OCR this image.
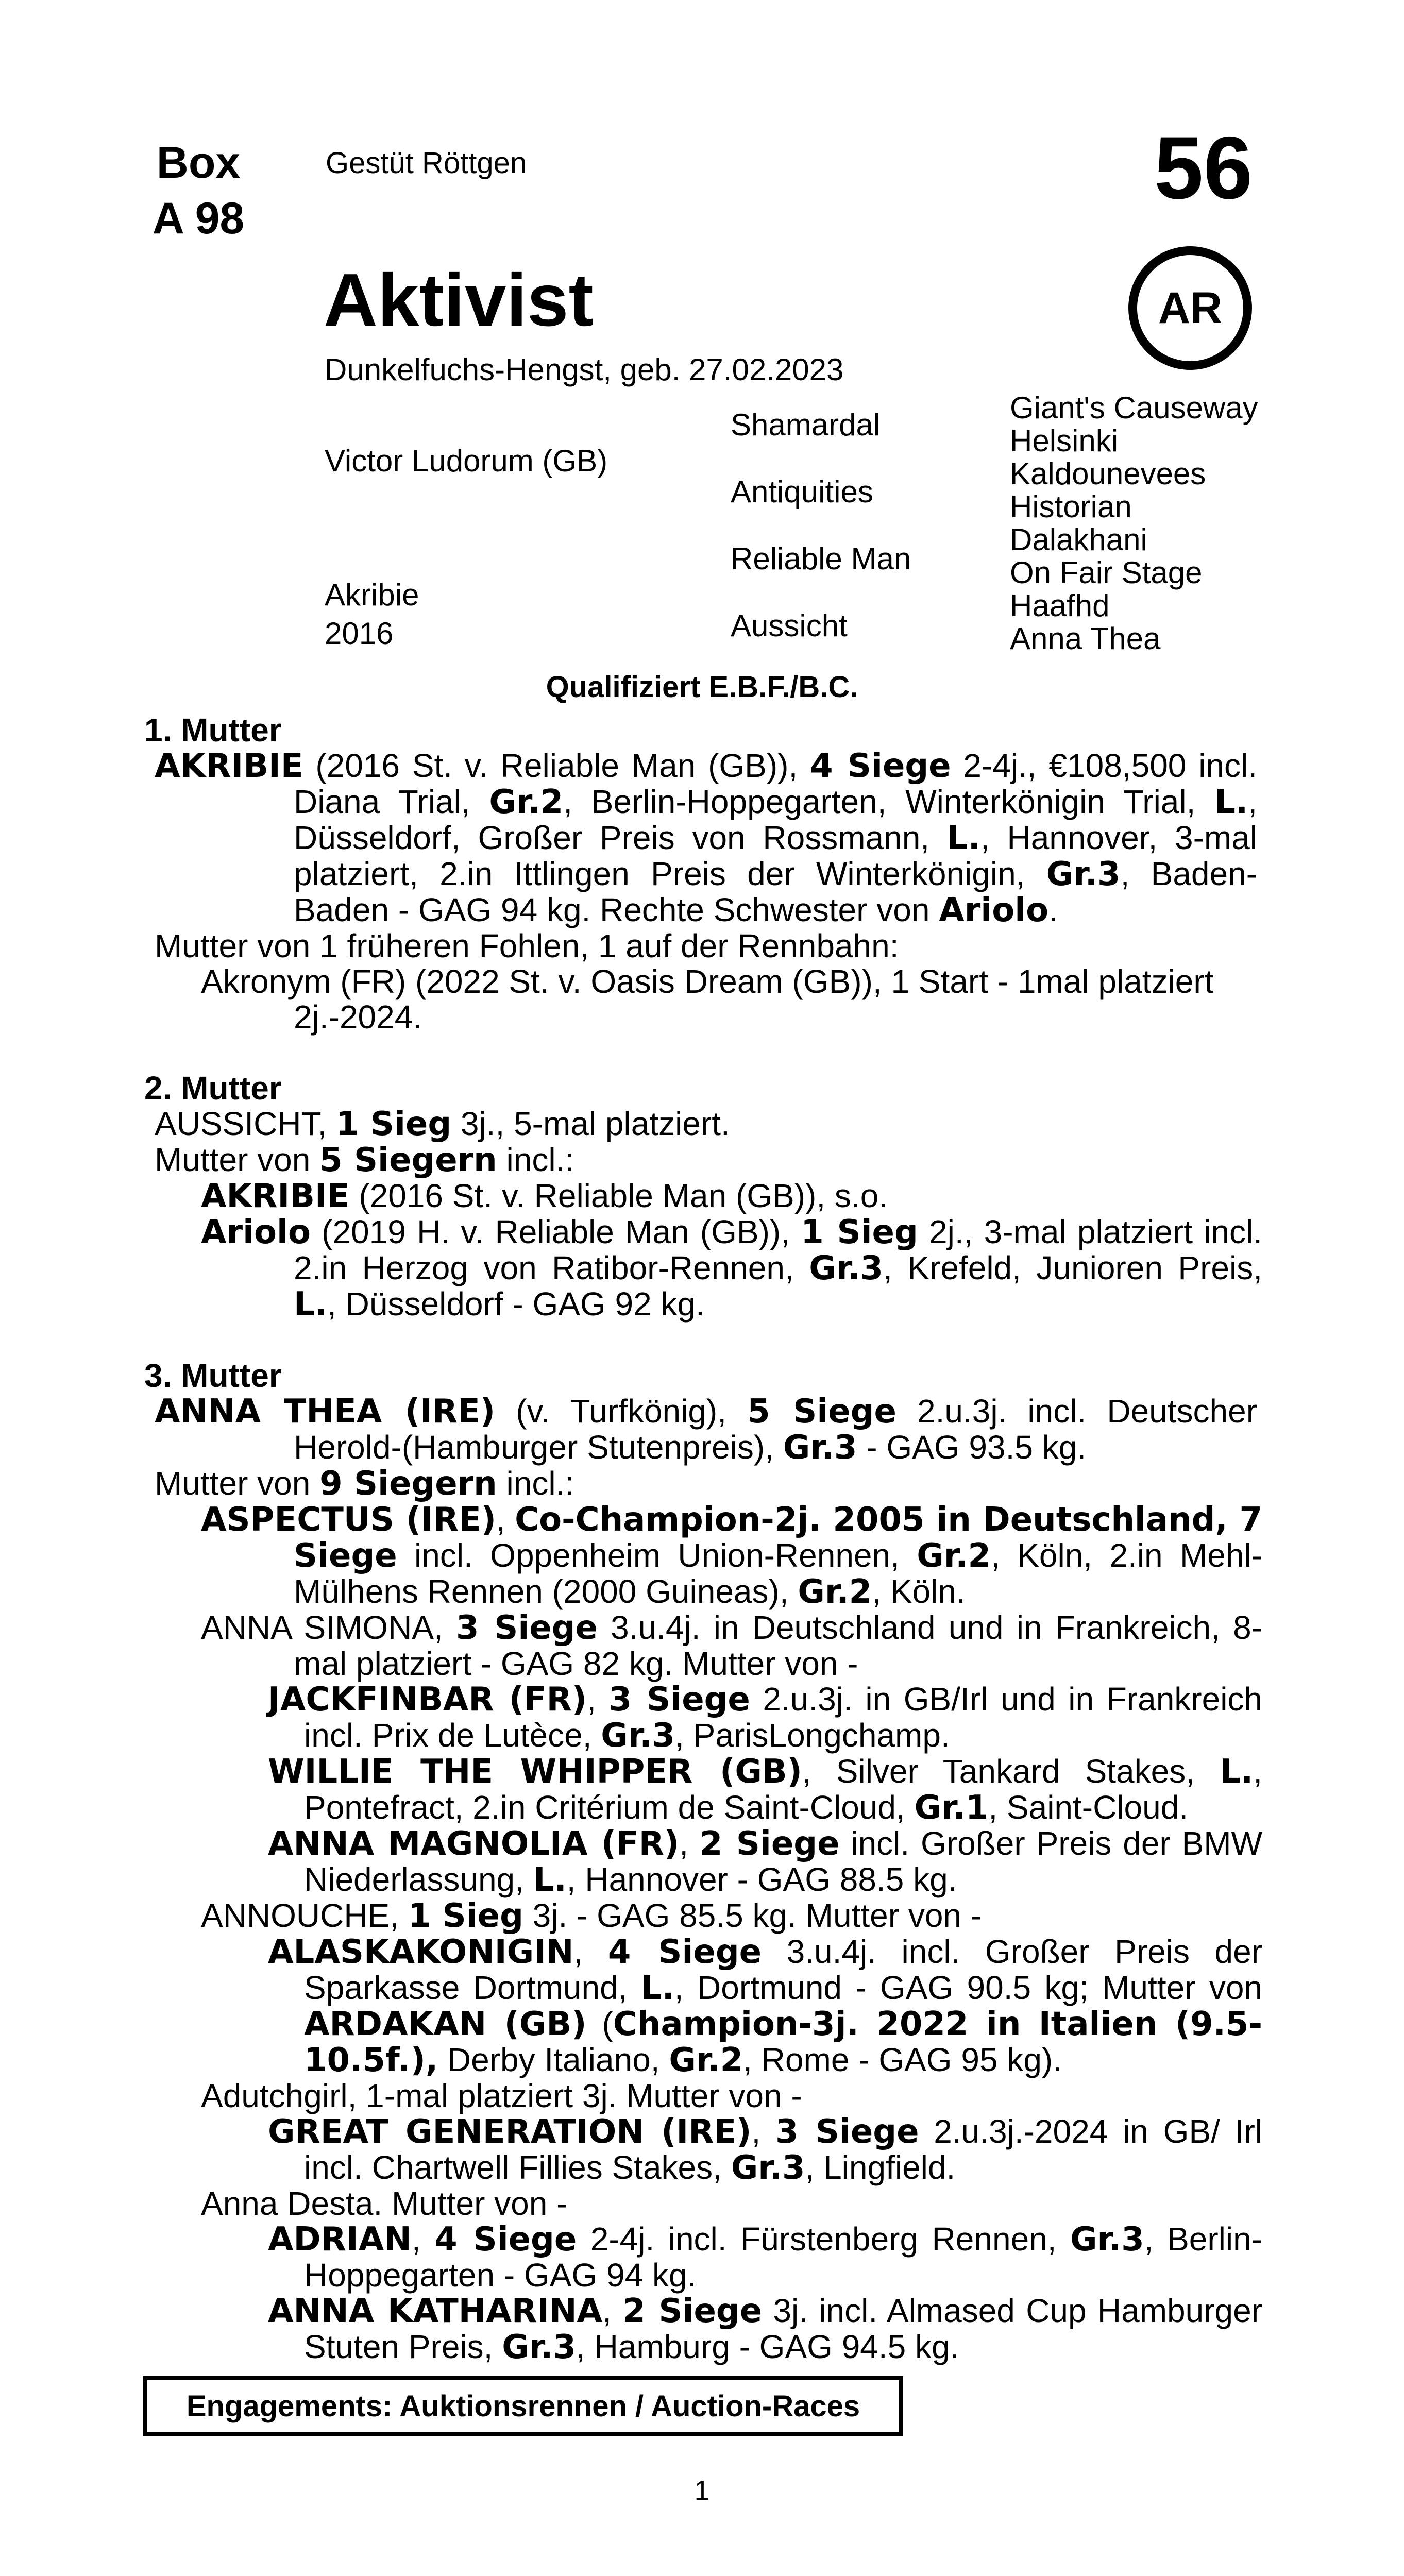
Box
A 98
Gestüt Röttgen	56
AR
Aktivist
Dunkelfuchs-Hengst, geb. 27.02.2023
Victor Ludorum (GB)
Akribie
2016
Shamardal
Antiquities
Reliable Man
Aussicht
Giant's Causeway
Helsinki
Kaldounevees
Historian
Dalakhani
On Fair Stage
Haafhd
Anna Thea
Qualifiziert E.B.F./B.C.

1. Mutter

AKRIBIE (2016 St. v. Reliable Man (GB)), 4 Siege 2-4j., €108,500 incl. Diana Trial, Gr.2, Berlin-Hoppegarten, Winterkönigin Trial, L., Düsseldorf, Großer Preis von Rossmann, L., Hannover, 3-mal platziert, 2.in Ittlingen Preis der Winterkönigin, Gr.3, Baden-Baden - GAG 94 kg. Rechte Schwester von Ariolo.

Mutter von 1 früheren Fohlen, 1 auf der Rennbahn:

Akronym (FR) (2022 St. v. Oasis Dream (GB)), 1 Start - 1mal platziert 2j.-2024.

2. Mutter

AUSSICHT, 1 Sieg 3j., 5-mal platziert.

Mutter von 5 Siegern incl.:

AKRIBIE (2016 St. v. Reliable Man (GB)), s.o.

Ariolo (2019 H. v. Reliable Man (GB)), 1 Sieg 2j., 3-mal platziert incl. 2.in Herzog von Ratibor-Rennen, Gr.3, Krefeld, Junioren Preis, L., Düsseldorf - GAG 92 kg.

3. Mutter

ANNA THEA (IRE) (v. Turfkönig), 5 Siege 2.u.3j. incl. Deutscher Herold-(Hamburger Stutenpreis), Gr.3 - GAG 93.5 kg.

Mutter von 9 Siegern incl.:

ASPECTUS (IRE), Co-Champion-2j. 2005 in Deutschland, 7 Siege incl. Oppenheim Union-Rennen, Gr.2, Köln, 2.in Mehl-Mülhens Rennen (2000 Guineas), Gr.2, Köln.

ANNA SIMONA, 3 Siege 3.u.4j. in Deutschland und in Frankreich, 8-mal platziert - GAG 82 kg. Mutter von -

JACKFINBAR (FR), 3 Siege 2.u.3j. in GB/Irl und in Frankreich incl. Prix de Lutèce, Gr.3, ParisLongchamp.

WILLIE THE WHIPPER (GB), Silver Tankard Stakes, L., Pontefract, 2.in Critérium de Saint-Cloud, Gr.1, Saint-Cloud.

ANNA MAGNOLIA (FR), 2 Siege incl. Großer Preis der BMW Niederlassung, L., Hannover - GAG 88.5 kg.

ANNOUCHE, 1 Sieg 3j. - GAG 85.5 kg. Mutter von -

ALASKAKONIGIN, 4 Siege 3.u.4j. incl. Großer Preis der Sparkasse Dortmund, L., Dortmund - GAG 90.5 kg; Mutter von ARDAKAN (GB) (Champion-3j. 2022 in Italien (9.5-10.5f.), Derby Italiano, Gr.2, Rome - GAG 95 kg).

Adutchgirl, 1-mal platziert 3j. Mutter von -

GREAT GENERATION (IRE), 3 Siege 2.u.3j.-2024 in GB/ Irl incl. Chartwell Fillies Stakes, Gr.3, Lingfield.

Anna Desta. Mutter von -

ADRIAN, 4 Siege 2-4j. incl. Fürstenberg Rennen, Gr.3, Berlin-Hoppegarten - GAG 94 kg.

ANNA KATHARINA, 2 Siege 3j. incl. Almased Cup Hamburger Stuten Preis, Gr.3, Hamburg - GAG 94.5 kg.

Engagements: Auktionsrennen / Auction-Races
1
